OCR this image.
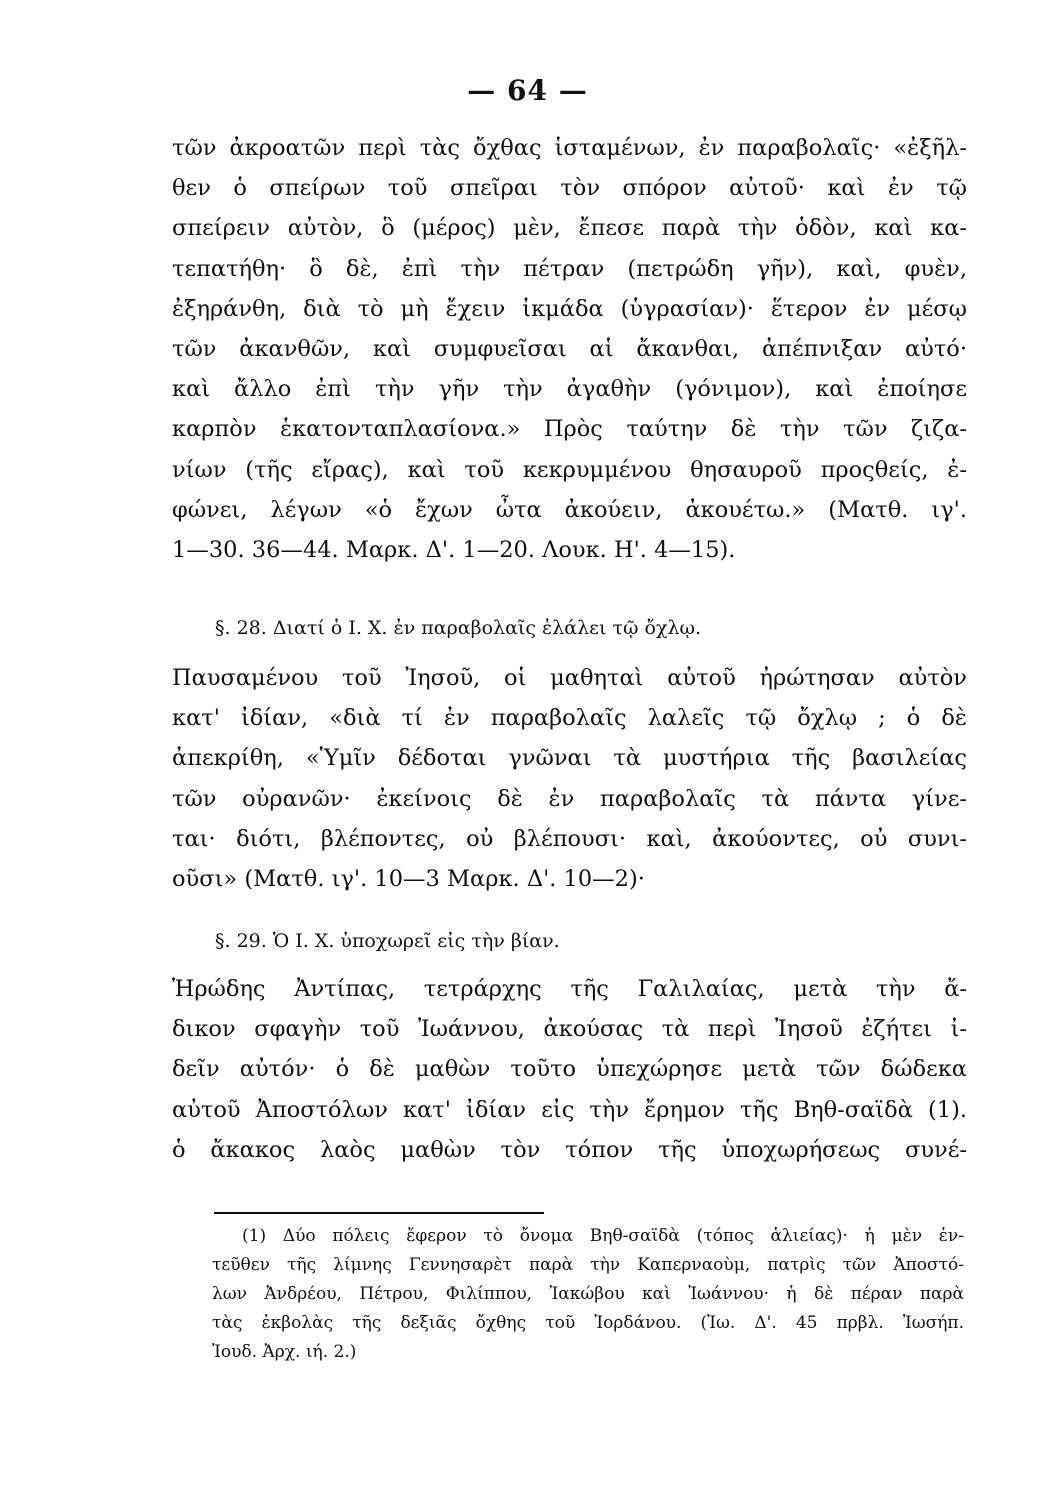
— 64 —
τῶν ἀκροατῶν περὶ τὰς ὄχθας ἱσταμένων, ἐν παραβολαῖς· «ἐξῆλ-
θεν ὁ σπείρων τοῦ σπεῖραι τὸν σπόρον αὐτοῦ· καὶ ἐν τῷ
σπείρειν αὐτὸν, ὃ (μέρος) μὲν, ἔπεσε παρὰ τὴν ὁδὸν, καὶ κα-
τεπατήθη· ὃ δὲ, ἐπὶ τὴν πέτραν (πετρώδη γῆν), καὶ, φυὲν,
ἐξηράνθη, διὰ τὸ μὴ ἔχειν ἰκμάδα (ὑγρασίαν)· ἕτερον ἐν μέσῳ
τῶν ἀκανθῶν, καὶ συμφυεῖσαι αἱ ἄκανθαι, ἀπέπνιξαν αὐτό·
καὶ ἄλλο ἐπὶ τὴν γῆν τὴν ἀγαθὴν (γόνιμον), καὶ ἐποίησε
καρπὸν ἑκατονταπλασίονα.» Πρὸς ταύτην δὲ τὴν τῶν ζιζα-
νίων (τῆς εἴρας), καὶ τοῦ κεκρυμμένου θησαυροῦ προςθείς, ἐ-
φώνει, λέγων «ὁ ἔχων ὦτα ἀκούειν, ἀκουέτω.» (Ματθ. ιγ'.
1—30. 36—44. Μαρκ. Δ'. 1—20. Λουκ. Η'. 4—15).
§. 28. Διατί ὁ Ι. Χ. ἐν παραβολαῖς ἐλάλει τῷ ὄχλῳ.
Παυσαμένου τοῦ Ἰησοῦ, οἱ μαθηταὶ αὐτοῦ ἠρώτησαν αὐτὸν
κατ' ἰδίαν, «διὰ τί ἐν παραβολαῖς λαλεῖς τῷ ὄχλῳ ; ὁ δὲ
ἀπεκρίθη, «Ὑμῖν δέδοται γνῶναι τὰ μυστήρια τῆς βασιλείας
τῶν οὐρανῶν· ἐκείνοις δὲ ἐν παραβολαῖς τὰ πάντα γίνε-
ται· διότι, βλέποντες, οὐ βλέπουσι· καὶ, ἀκούοντες, οὐ συνι-
οῦσι» (Ματθ. ιγ'. 10—3 Μαρκ. Δ'. 10—2)·
§. 29. Ὁ Ι. Χ. ὑποχωρεῖ εἰς τὴν βίαν.
Ἡρώδης Ἀντίπας, τετράρχης τῆς Γαλιλαίας, μετὰ τὴν ἄ-
δικον σφαγὴν τοῦ Ἰωάννου, ἀκούσας τὰ περὶ Ἰησοῦ ἐζήτει ἰ-
δεῖν αὐτόν· ὁ δὲ μαθὼν τοῦτο ὑπεχώρησε μετὰ τῶν δώδεκα
αὐτοῦ Ἀποστόλων κατ' ἰδίαν εἰς τὴν ἔρημον τῆς Βηθ-σαϊδὰ (1).
ὁ ἄκακος λαὸς μαθὼν τὸν τόπον τῆς ὑποχωρήσεως συνέ-
(1) Δύο πόλεις ἔφερον τὸ ὄνομα Βηθ-σαϊδὰ (τόπος ἁλιείας)· ἡ μὲν ἐν-
τεῦθεν τῆς λίμνης Γεννησαρὲτ παρὰ τὴν Καπερναοὺμ, πατρὶς τῶν Ἀποστό-
λων Ἀνδρέου, Πέτρου, Φιλίππου, Ἰακώβου καὶ Ἰωάννου· ἡ δὲ πέραν παρὰ
τὰς ἐκβολὰς τῆς δεξιᾶς ὄχθης τοῦ Ἰορδάνου. (Ἰω. Δ'. 45 πρβλ. Ἰωσήπ.
Ἰουδ. Ἀρχ. ιή. 2.)
